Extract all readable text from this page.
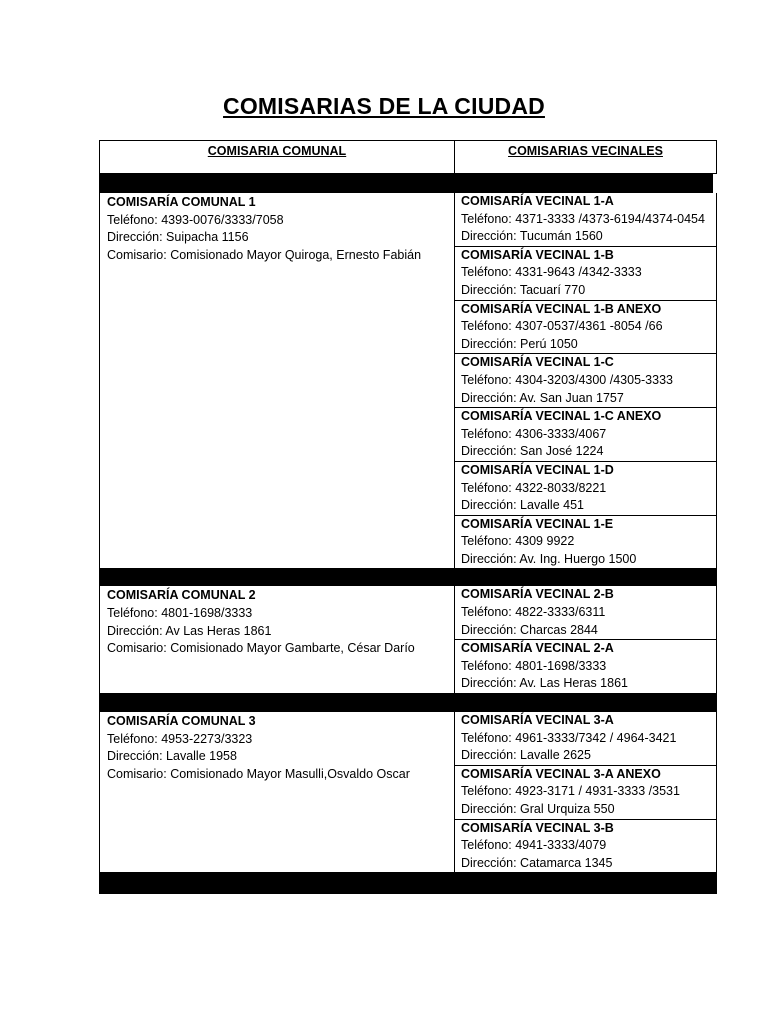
COMISARIAS DE LA CIUDAD
COMISARIA COMUNAL	COMISARIAS VECINALES
COMISARÍA COMUNAL 1
Teléfono: 4393-0076/3333/7058
Dirección: Suipacha 1156
Comisario: Comisionado Mayor Quiroga, Ernesto Fabián
COMISARÍA VECINAL 1-A
Teléfono: 4371-3333 /4373-6194/4374-0454
Dirección: Tucumán 1560
COMISARÍA VECINAL 1-B
Teléfono: 4331-9643 /4342-3333
Dirección: Tacuarí 770
COMISARÍA VECINAL 1-B ANEXO
Teléfono: 4307-0537/4361 -8054 /66
Dirección: Perú 1050
COMISARÍA VECINAL 1-C
Teléfono: 4304-3203/4300 /4305-3333
Dirección: Av. San Juan 1757
COMISARÍA VECINAL 1-C ANEXO
Teléfono: 4306-3333/4067
Dirección: San José 1224
COMISARÍA VECINAL 1-D
Teléfono: 4322-8033/8221
Dirección: Lavalle 451
COMISARÍA VECINAL 1-E
Teléfono: 4309 9922
Dirección: Av. Ing. Huergo 1500
COMISARÍA COMUNAL 2
Teléfono: 4801-1698/3333
Dirección: Av Las Heras 1861
Comisario: Comisionado Mayor Gambarte, César Darío
COMISARÍA VECINAL 2-B
Teléfono: 4822-3333/6311
Dirección: Charcas 2844
COMISARÍA VECINAL 2-A
Teléfono: 4801-1698/3333
Dirección: Av. Las Heras 1861
COMISARÍA COMUNAL 3
Teléfono: 4953-2273/3323
Dirección: Lavalle 1958
Comisario: Comisionado Mayor Masulli,Osvaldo Oscar
COMISARÍA VECINAL 3-A
Teléfono: 4961-3333/7342 / 4964-3421
Dirección: Lavalle 2625
COMISARÍA VECINAL 3-A ANEXO
Teléfono: 4923-3171 / 4931-3333 /3531
Dirección: Gral Urquiza 550
COMISARÍA VECINAL 3-B
Teléfono: 4941-3333/4079
Dirección: Catamarca 1345
